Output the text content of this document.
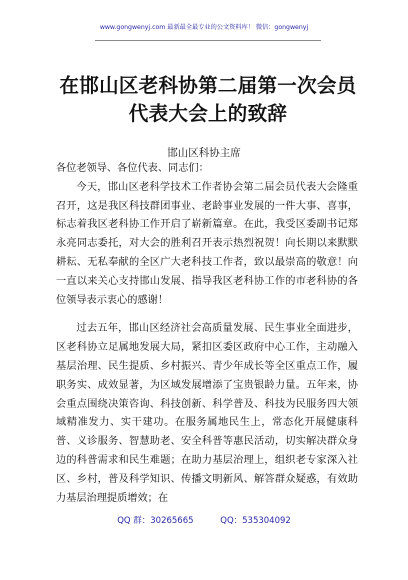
www.gongwenyj.com 最新最全最专业的公文资料库！ 微信：gongwenyj
在邯山区老科协第二届第一次会员代表大会上的致辞
邯山区科协主席

各位老领导、各位代表、同志们：

今天，邯山区老科学技术工作者协会第二届会员代表大会隆重召开，这是我区科技群团事业、老龄事业发展的一件大事、喜事，标志着我区老科协工作开启了崭新篇章。在此，我受区委副书记郑永亮同志委托，对大会的胜利召开表示热烈祝贺！向长期以来默默耕耘、无私奉献的全区广大老科技工作者，致以最崇高的敬意！向一直以来关心支持邯山发展、指导我区老科协工作的市老科协的各位领导表示衷心的感谢！

过去五年，邯山区经济社会高质量发展、民生事业全面进步，区老科协立足属地发展大局，紧扣区委区政府中心工作，主动融入基层治理、民生提质、乡村振兴、青少年成长等全区重点工作，履职务实、成效显著，为区域发展增添了宝贵银龄力量。五年来，协会重点围绕决策咨询、科技创新、科学普及、科技为民服务四大领域精准发力、实干建功。在服务属地民生上，常态化开展健康科普、义诊服务、智慧助老、安全科普等惠民活动，切实解决群众身边的科普需求和民生难题；在助力基层治理上，组织老专家深入社区、乡村，普及科学知识、传播文明新风、解答群众疑惑，有效助力基层治理提质增效；在

QQ 群：30265665	QQ：535304092
